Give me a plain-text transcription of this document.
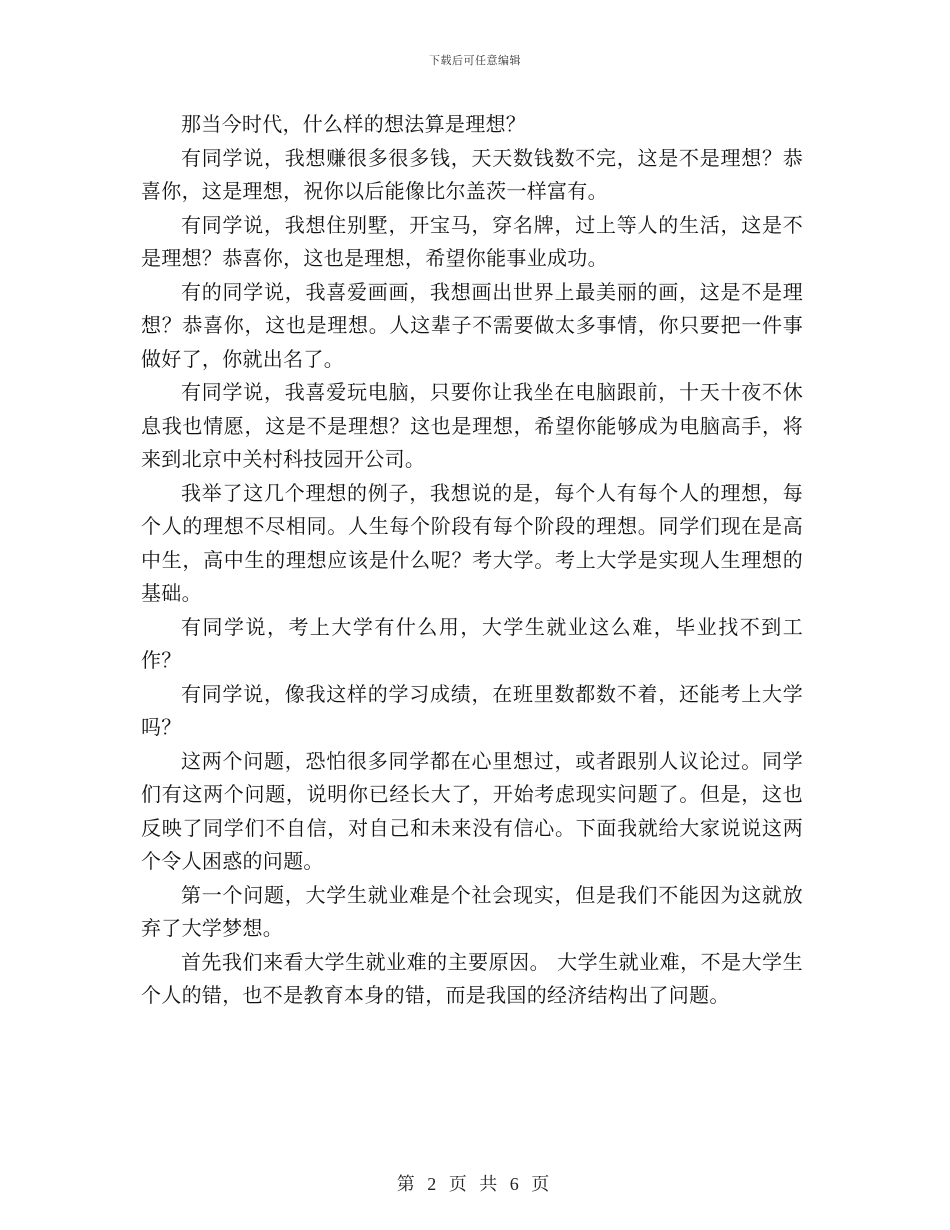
下载后可任意编辑

那当今时代，什么样的想法算是理想？

有同学说，我想赚很多很多钱，天天数钱数不完，这是不是理想？恭喜你，这是理想，祝你以后能像比尔盖茨一样富有。

有同学说，我想住别墅，开宝马，穿名牌，过上等人的生活，这是不是理想？恭喜你，这也是理想，希望你能事业成功。

有的同学说，我喜爱画画，我想画出世界上最美丽的画，这是不是理想？恭喜你，这也是理想。人这辈子不需要做太多事情，你只要把一件事做好了，你就出名了。

有同学说，我喜爱玩电脑，只要你让我坐在电脑跟前，十天十夜不休息我也情愿，这是不是理想？这也是理想，希望你能够成为电脑高手，将来到北京中关村科技园开公司。

我举了这几个理想的例子，我想说的是，每个人有每个人的理想，每个人的理想不尽相同。人生每个阶段有每个阶段的理想。同学们现在是高中生，高中生的理想应该是什么呢？考大学。考上大学是实现人生理想的基础。

有同学说，考上大学有什么用，大学生就业这么难，毕业找不到工作？

有同学说，像我这样的学习成绩，在班里数都数不着，还能考上大学吗？

这两个问题，恐怕很多同学都在心里想过，或者跟别人议论过。同学们有这两个问题，说明你已经长大了，开始考虑现实问题了。但是，这也反映了同学们不自信，对自己和未来没有信心。下面我就给大家说说这两个令人困惑的问题。

第一个问题，大学生就业难是个社会现实，但是我们不能因为这就放弃了大学梦想。

首先我们来看大学生就业难的主要原因。 大学生就业难，不是大学生个人的错，也不是教育本身的错，而是我国的经济结构出了问题。

第 2 页 共 6 页
